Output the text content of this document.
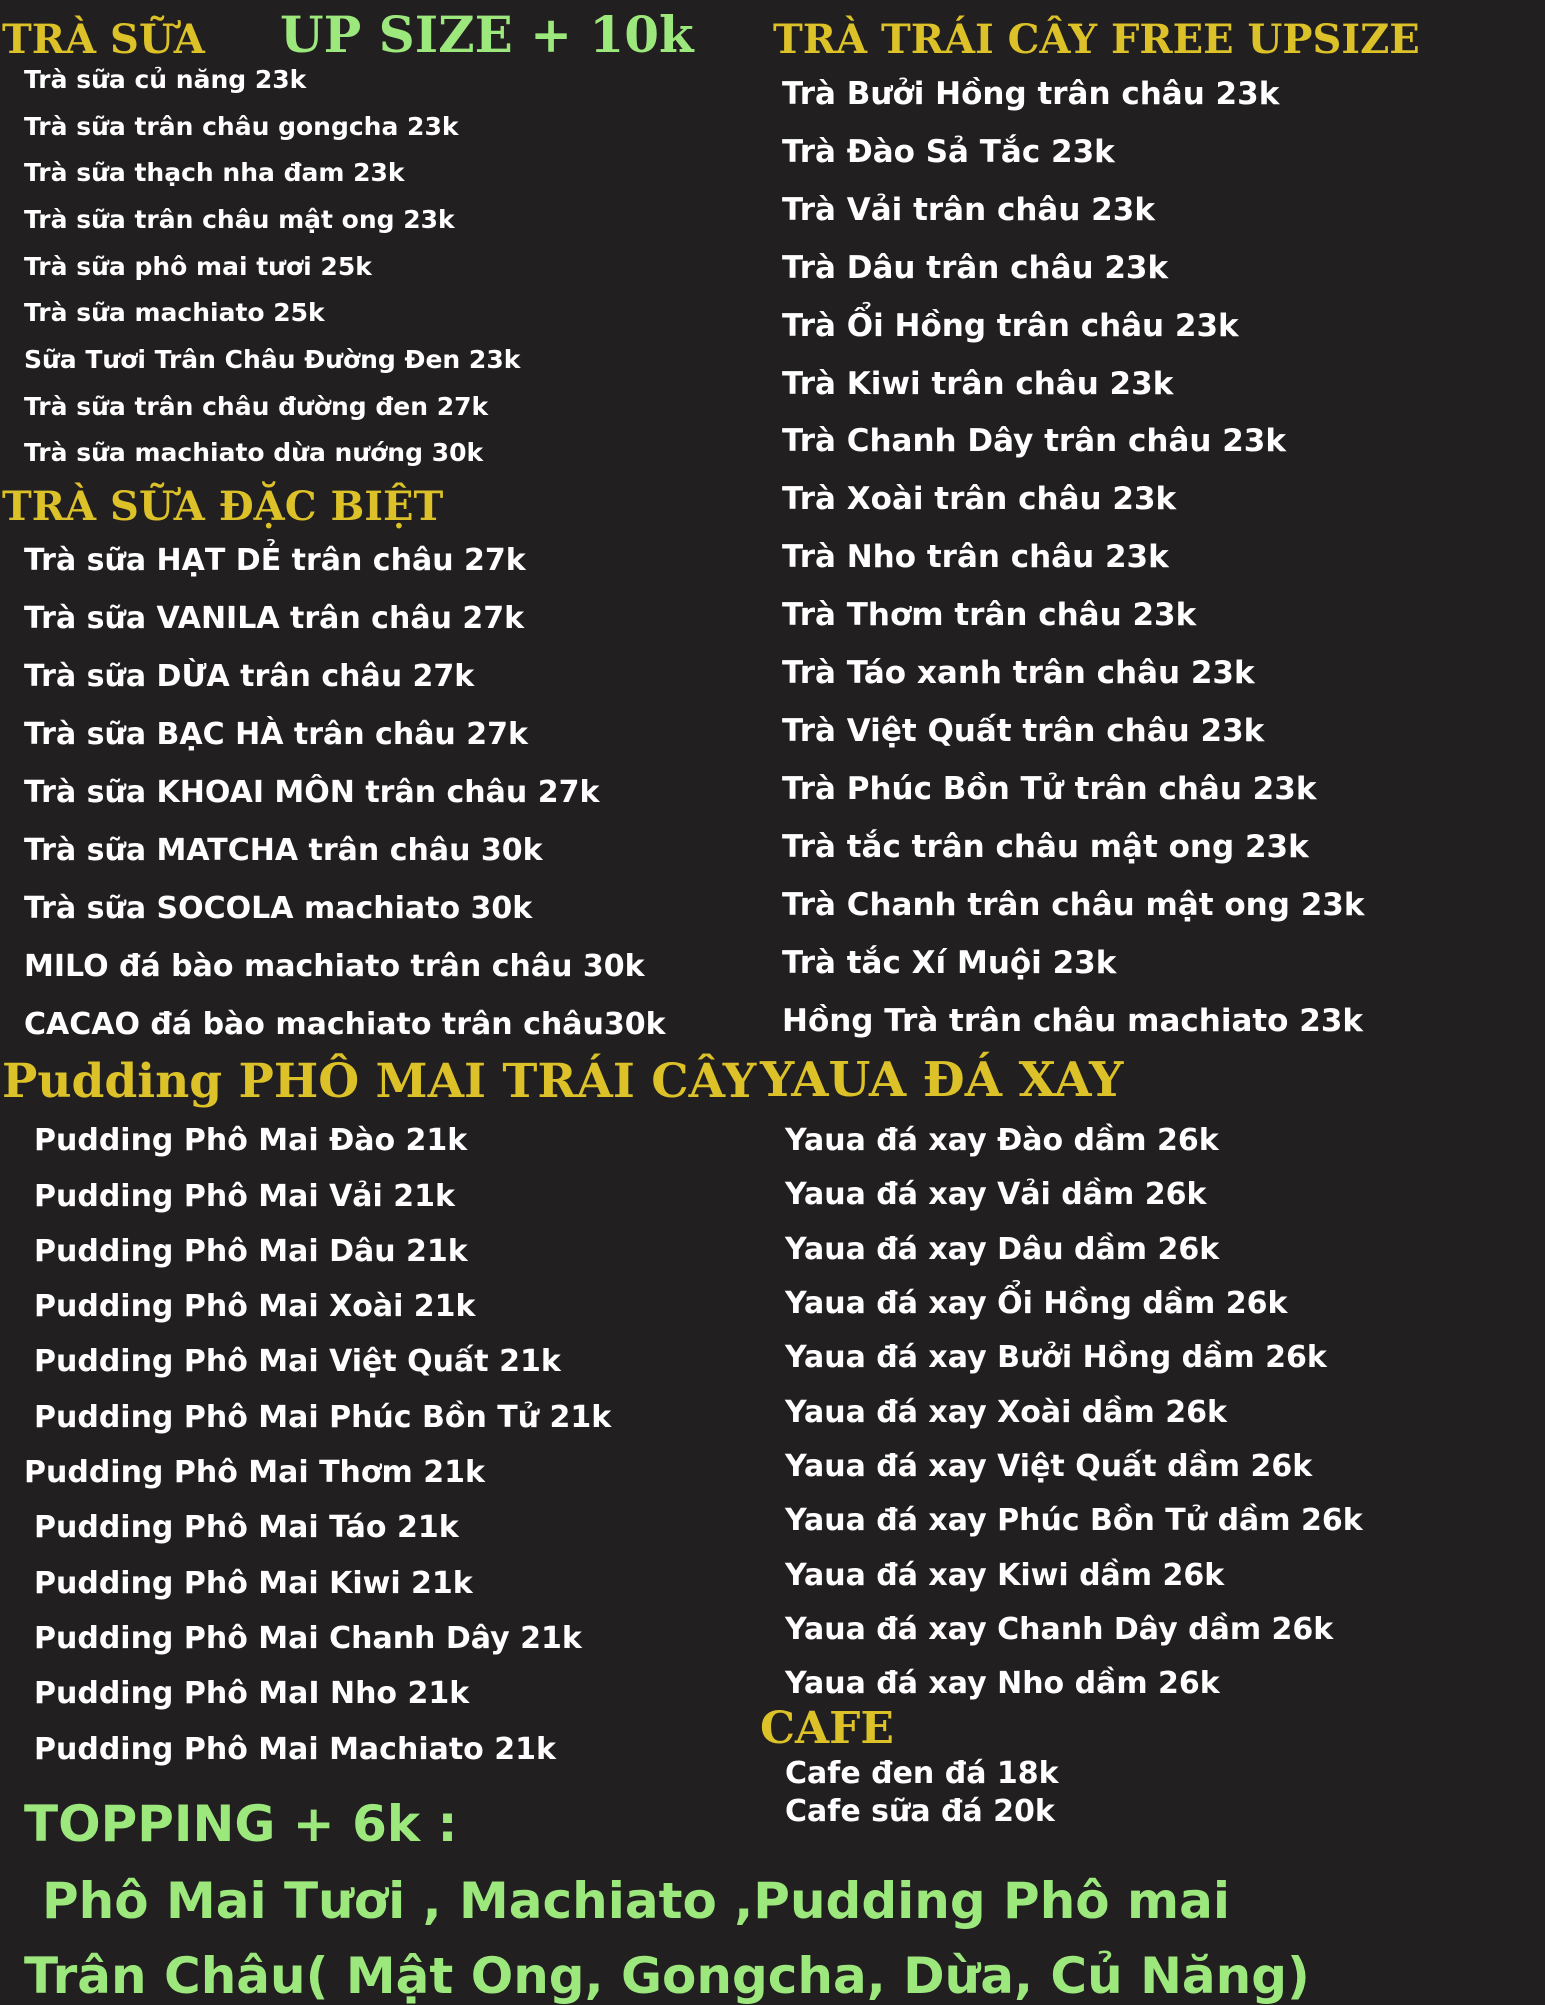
TRÀ SỮA UP SIZE + 10k TRÀ TRÁI CÂY FREE UPSIZE
TRÀ SỮA ĐẶC BIỆT
Pudding PHÔ MAI TRÁI CÂY YAUA ĐÁ XAY
CAFE
Trà sữa củ năng 23k
Trà sữa trân châu gongcha 23k
Trà sữa thạch nha đam 23k
Trà sữa trân châu mật ong 23k
Trà sữa phô mai tươi 25k
Trà sữa machiato 25k
Sữa Tươi Trân Châu Đường Đen 23k
Trà sữa trân châu đường đen 27k
Trà sữa machiato dừa nướng 30k
Trà sữa HẠT DẺ trân châu 27k
Trà sữa VANILA trân châu 27k
Trà sữa DỪA trân châu 27k
Trà sữa BẠC HÀ trân châu 27k
Trà sữa KHOAI MÔN trân châu 27k
Trà sữa MATCHA trân châu 30k
Trà sữa SOCOLA machiato 30k
MILO đá bào machiato trân châu 30k
CACAO đá bào machiato trân châu30k
Trà Bưởi Hồng trân châu 23k
Trà Đào Sả Tắc 23k
Trà Vải trân châu 23k
Trà Dâu trân châu 23k
Trà Ổi Hồng trân châu 23k
Trà Kiwi trân châu 23k
Trà Chanh Dây trân châu 23k
Trà Xoài trân châu 23k
Trà Nho trân châu 23k
Trà Thơm trân châu 23k
Trà Táo xanh trân châu 23k
Trà Việt Quất trân châu 23k
Trà Phúc Bồn Tử trân châu 23k
Trà tắc trân châu mật ong 23k
Trà Chanh trân châu mật ong 23k
Trà tắc Xí Muội 23k
Hồng Trà trân châu machiato 23k
Pudding Phô Mai Đào 21k
Pudding Phô Mai Vải 21k
Pudding Phô Mai Dâu 21k
Pudding Phô Mai Xoài 21k
Pudding Phô Mai Việt Quất 21k
Pudding Phô Mai Phúc Bồn Tử 21k
Pudding Phô Mai Thơm 21k
Pudding Phô Mai Táo 21k
Pudding Phô Mai Kiwi 21k
Pudding Phô Mai Chanh Dây 21k
Pudding Phô MaI Nho 21k
Pudding Phô Mai Machiato 21k
Yaua đá xay Đào dầm 26k
Yaua đá xay Vải dầm 26k
Yaua đá xay Dâu dầm 26k
Yaua đá xay Ổi Hồng dầm 26k
Yaua đá xay Bưởi Hồng dầm 26k
Yaua đá xay Xoài dầm 26k
Yaua đá xay Việt Quất dầm 26k
Yaua đá xay Phúc Bồn Tử dầm 26k
Yaua đá xay Kiwi dầm 26k
Yaua đá xay Chanh Dây dầm 26k
Yaua đá xay Nho dầm 26k
Cafe đen đá 18k
Cafe sữa đá 20k
TOPPING + 6k :
Phô Mai Tươi , Machiato ,Pudding Phô mai
Trân Châu( Mật Ong, Gongcha, Dừa, Củ Năng)
